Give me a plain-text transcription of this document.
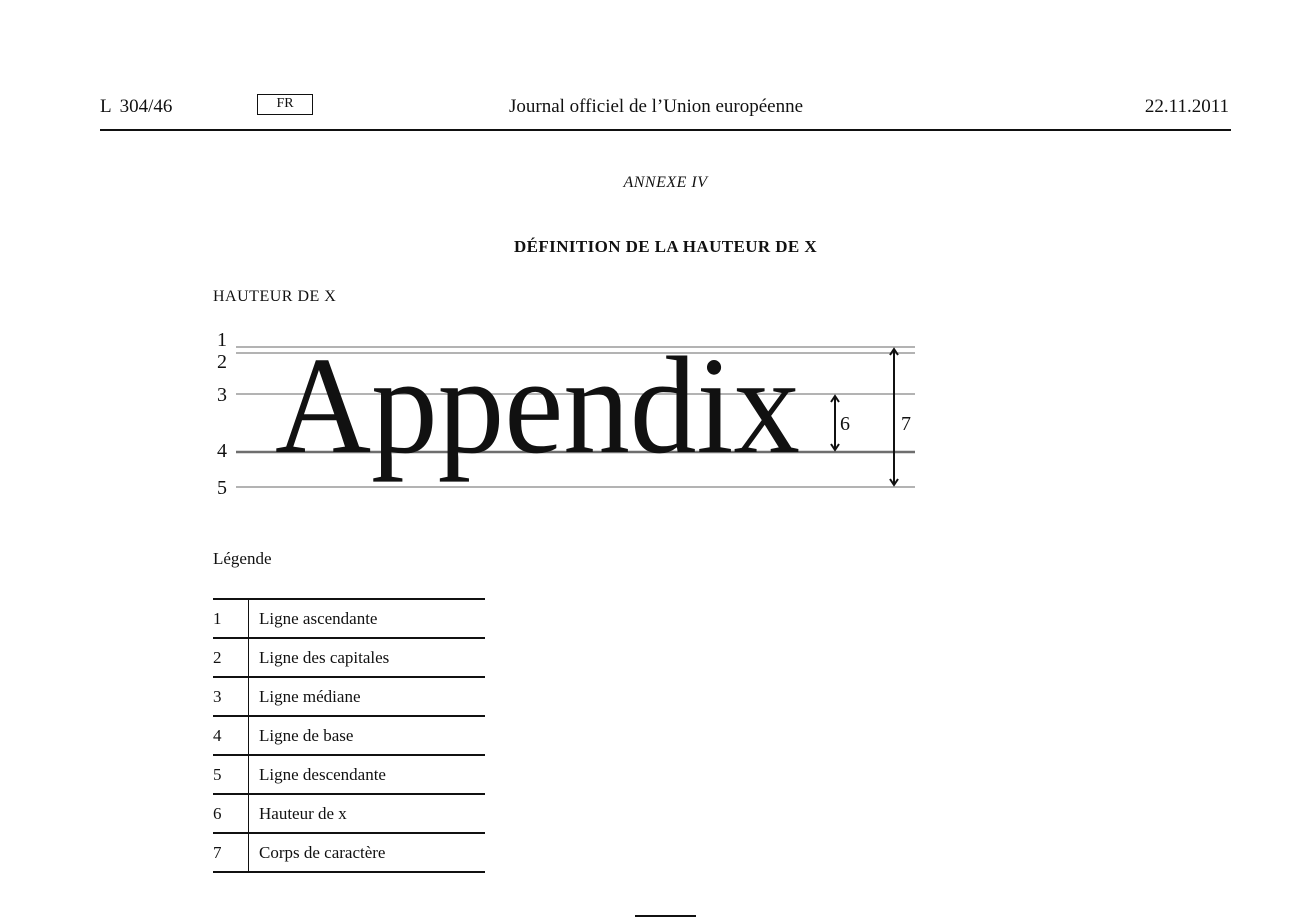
L 304/46	FR	Journal officiel de l’Union européenne	22.11.2011
ANNEXE IV
DÉFINITION DE LA HAUTEUR DE X
HAUTEUR DE X
1
2
3
4
5
Appendix 6	7
Légende
1	Ligne ascendante
2	Ligne des capitales
3	Ligne médiane
4	Ligne de base
5	Ligne descendante
6	Hauteur de x
7	Corps de caractère
